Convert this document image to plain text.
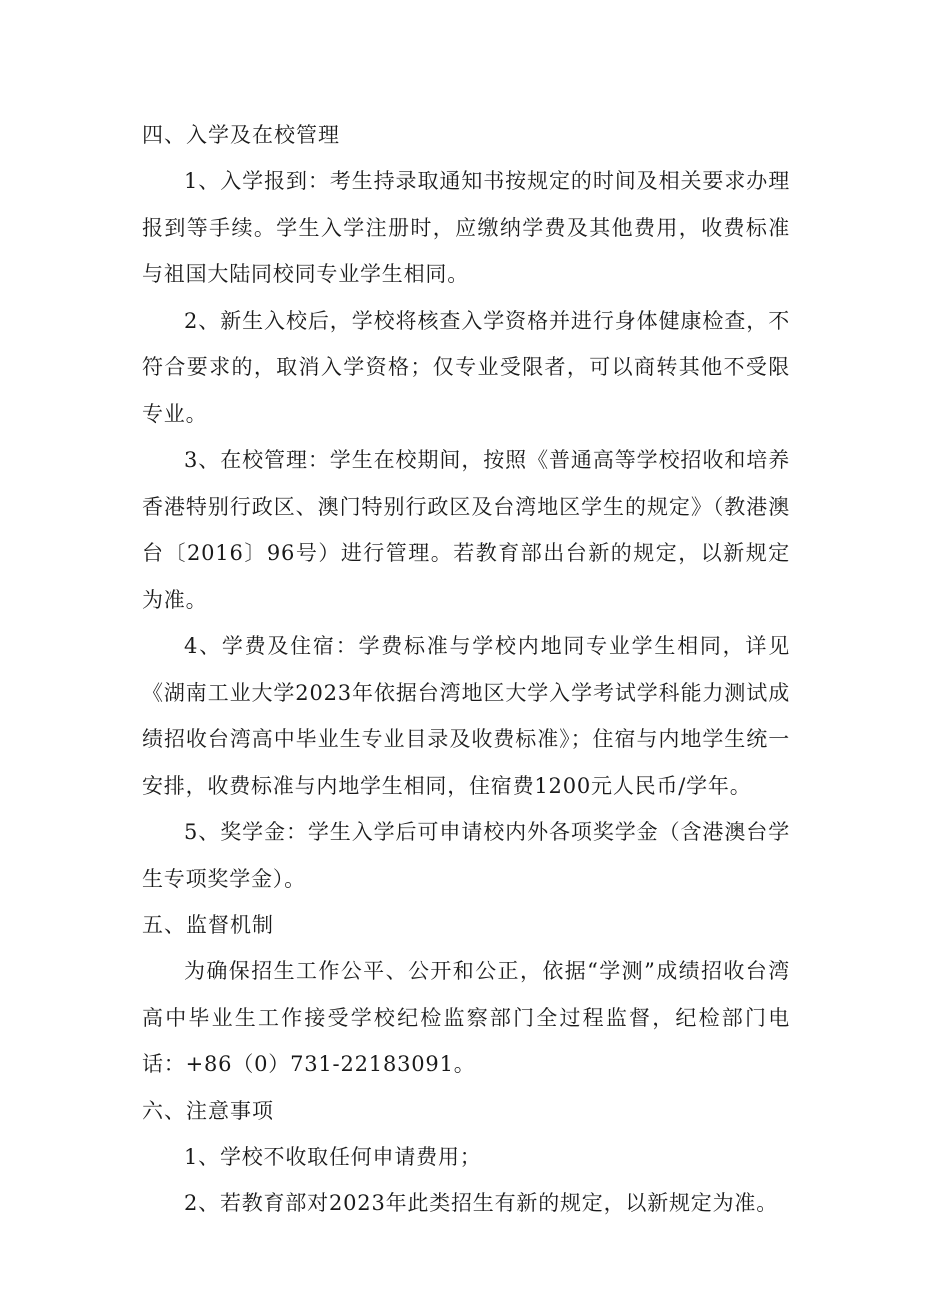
四、入学及在校管理

1、入学报到：考生持录取通知书按规定的时间及相关要求办理报到等手续。学生入学注册时，应缴纳学费及其他费用，收费标准与祖国大陆同校同专业学生相同。

2、新生入校后，学校将核查入学资格并进行身体健康检查，不符合要求的，取消入学资格；仅专业受限者，可以商转其他不受限专业。

3、在校管理：学生在校期间，按照《普通高等学校招收和培养香港特别行政区、澳门特别行政区及台湾地区学生的规定》（教港澳台〔2016〕96号）进行管理。若教育部出台新的规定，以新规定为准。

4、学费及住宿：学费标准与学校内地同专业学生相同，详见《湖南工业大学2023年依据台湾地区大学入学考试学科能力测试成绩招收台湾高中毕业生专业目录及收费标准》；住宿与内地学生统一安排，收费标准与内地学生相同，住宿费1200元人民币/学年。

5、奖学金：学生入学后可申请校内外各项奖学金（含港澳台学生专项奖学金）。

五、监督机制

为确保招生工作公平、公开和公正，依据“学测”成绩招收台湾高中毕业生工作接受学校纪检监察部门全过程监督，纪检部门电话：+86（0）731-22183091。

六、注意事项

1、学校不收取任何申请费用；

2、若教育部对2023年此类招生有新的规定，以新规定为准。
